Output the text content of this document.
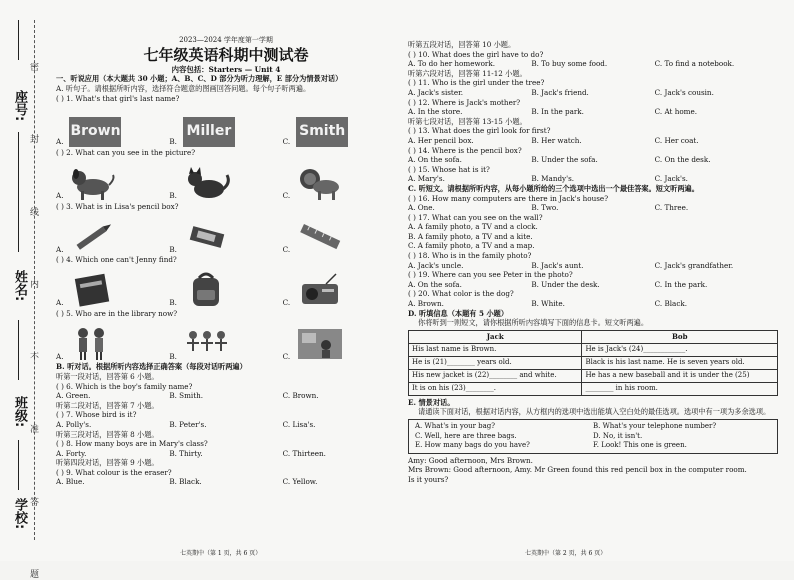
座号:
姓名:
班级:
学校:
密
封
线
内
不
准
答
题
2023—2024 学年度第一学期
七年级英语科期中测试卷
内容包括：Starters — Unit 4
一、听说应用（本大题共 30 小题；A、B、C、D 部分为听力理解，E 部分为情景对话）
A. 听句子。请根据所听内容，选择符合题意的图画回答问题。每个句子听两遍。
( ) 1. What's that girl's last name?
A.
Brown
B.
Miller
C.
Smith
( ) 2. What can you see in the picture?
A.	B.	C.
( ) 3. What is in Lisa's pencil box?
A.	B.	C.
( ) 4. Which one can't Jenny find?
A.	B.	C.
( ) 5. Who are in the library now?
A.	B.	C.
B. 听对话。根据所听内容选择正确答案（每段对话听两遍）
听第一段对话，回答第 6 小题。
( ) 6. Which is the boy's family name?
A. Green.	B. Smith.	C. Brown.
听第二段对话，回答第 7 小题。
( ) 7. Whose bird is it?
A. Polly's.	B. Peter's.	C. Lisa's.
听第三段对话，回答第 8 小题。
( ) 8. How many boys are in Mary's class?
A. Forty.	B. Thirty.	C. Thirteen.
听第四段对话，回答第 9 小题。
( ) 9. What colour is the eraser?
A. Blue.	B. Black.	C. Yellow.
七英期中（第 1 页，共 6 页）
听第五段对话，回答第 10 小题。
( ) 10. What does the girl have to do?
A. To do her homework.	B. To buy some food.	C. To find a notebook.
听第六段对话，回答第 11-12 小题。
( ) 11. Who is the girl under the tree?
A. Jack's sister.	B. Jack's friend.	C. Jack's cousin.
( ) 12. Where is Jack's mother?
A. In the store.	B. In the park.	C. At home.
听第七段对话，回答第 13-15 小题。
( ) 13. What does the girl look for first?
A. Her pencil box.	B. Her watch.	C. Her coat.
( ) 14. Where is the pencil box?
A. On the sofa.	B. Under the sofa.	C. On the desk.
( ) 15. Whose hat is it?
A. Mary's.	B. Mandy's.	C. Jack's.
C. 听短文。请根据所听内容，从每小题所给的三个选项中选出一个最佳答案。短文听两遍。
( ) 16. How many computers are there in Jack's house?
A. One.	B. Two.	C. Three.
( ) 17. What can you see on the wall?
A. A family photo, a TV and a clock.
B. A family photo, a TV and a kite.
C. A family photo, a TV and a map.
( ) 18. Who is in the family photo?
A. Jack's uncle.	B. Jack's aunt.	C. Jack's grandfather.
( ) 19. Where can you see Peter in the photo?
A. On the sofa.	B. Under the desk.	C. In the park.
( ) 20. What color is the dog?
A. Brown.	B. White.	C. Black.
D. 听填信息（本题有 5 小题）
你将听到一则短文，请你根据所听内容填写下面的信息卡。短文听两遍。
Jack	Bob
His last name is Brown.	He is Jack's (24)____________.
He is (21)________ years old.	Black is his last name. He is seven years old.
His new jacket is (22)________ and white.	He has a new baseball and it is under the (25)
It is on his (23)________.	________ in his room.
E. 情景对话。
请通读下面对话，根据对话内容，从方框内的选项中选出能填入空白处的最佳选项。选项中有一项为多余选项。
A. What's in your bag?	B. What's your telephone number?
C. Well, here are three bags.	D. No, it isn't.
E. How many bags do you have?	F. Look! This one is green.
Amy: Good afternoon, Mrs Brown.
Mrs Brown: Good afternoon, Amy. Mr Green found this red pencil box in the computer room.
Is it yours?
七英期中（第 2 页，共 6 页）
